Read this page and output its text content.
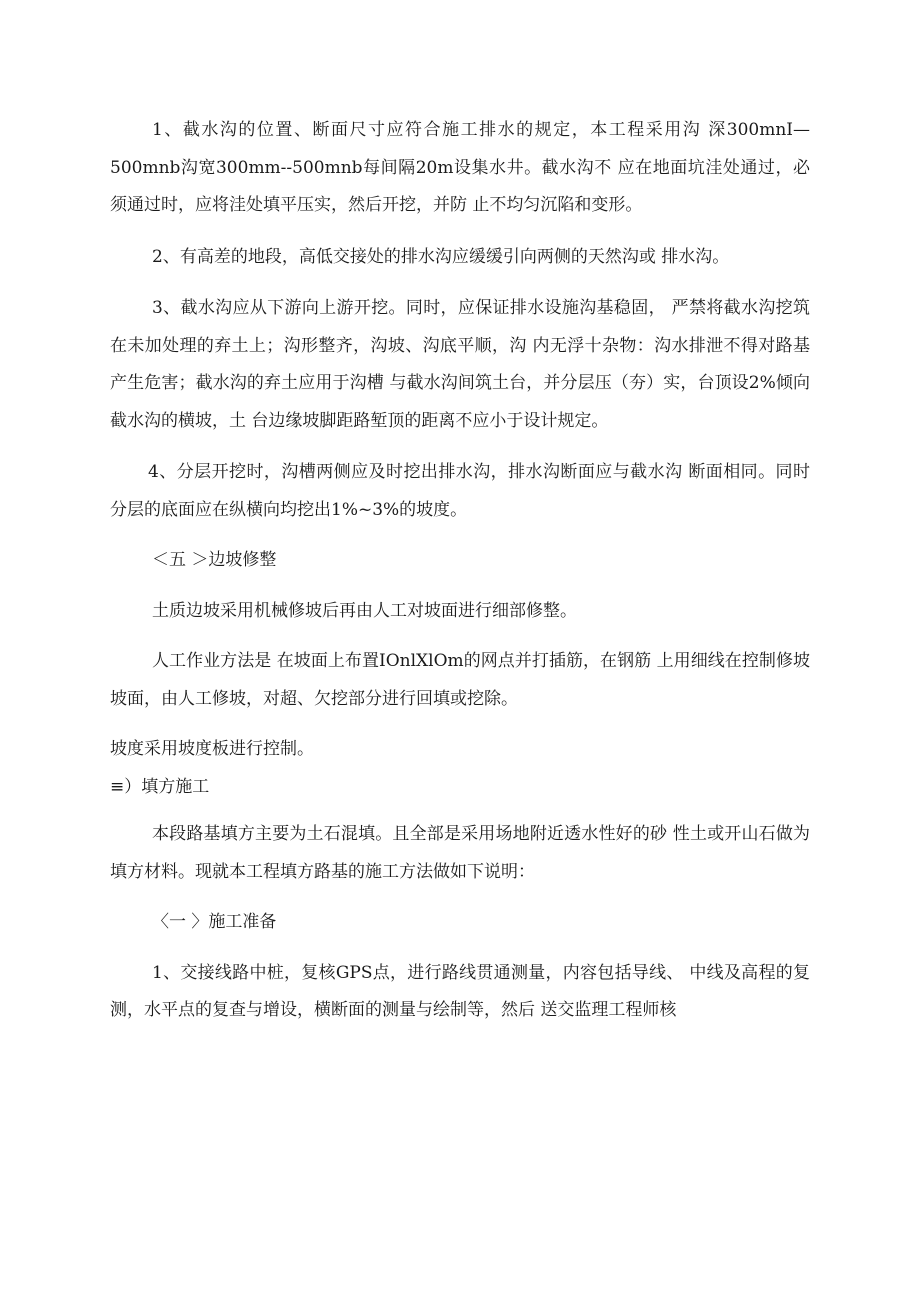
1、截水沟的位置、断面尺寸应符合施工排水的规定，本工程采用沟 深300mnI—500mnb沟宽300mm--500mnb每间隔20m设集水井。截水沟不 应在地面坑洼处通过，必须通过时，应将洼处填平压实，然后开挖，并防 止不均匀沉陷和变形。

2、有高差的地段，高低交接处的排水沟应缓缓引向两侧的天然沟或 排水沟。

3、截水沟应从下游向上游开挖。同时，应保证排水设施沟基稳固， 严禁将截水沟挖筑在未加处理的弃土上；沟形整齐，沟坡、沟底平顺，沟 内无浮十杂物：沟水排泄不得对路基产生危害；截水沟的弃土应用于沟槽 与截水沟间筑土台，并分层压（夯）实，台顶设2%倾向截水沟的横坡，土 台边缘坡脚距路堑顶的距离不应小于设计规定。

4、分层开挖时，沟槽两侧应及时挖出排水沟，排水沟断面应与截水沟 断面相同。同时分层的底面应在纵横向均挖出1%~3%的坡度。

＜五 ＞边坡修整

土质边坡采用机械修坡后再由人工对坡面进行细部修整。

人工作业方法是 在坡面上布置IOnlXlOm的网点并打插筋，在钢筋 上用细线在控制修坡坡面，由人工修坡，对超、欠挖部分进行回填或挖除。

坡度采用坡度板进行控制。

≡）填方施工

本段路基填方主要为土石混填。且全部是采用场地附近透水性好的砂 性土或开山石做为填方材料。现就本工程填方路基的施工方法做如下说明：

〈一 〉施工准备

1、交接线路中桩，复核GPS点，进行路线贯通测量，内容包括导线、 中线及高程的复测，水平点的复查与增设，横断面的测量与绘制等，然后 送交监理工程师核
